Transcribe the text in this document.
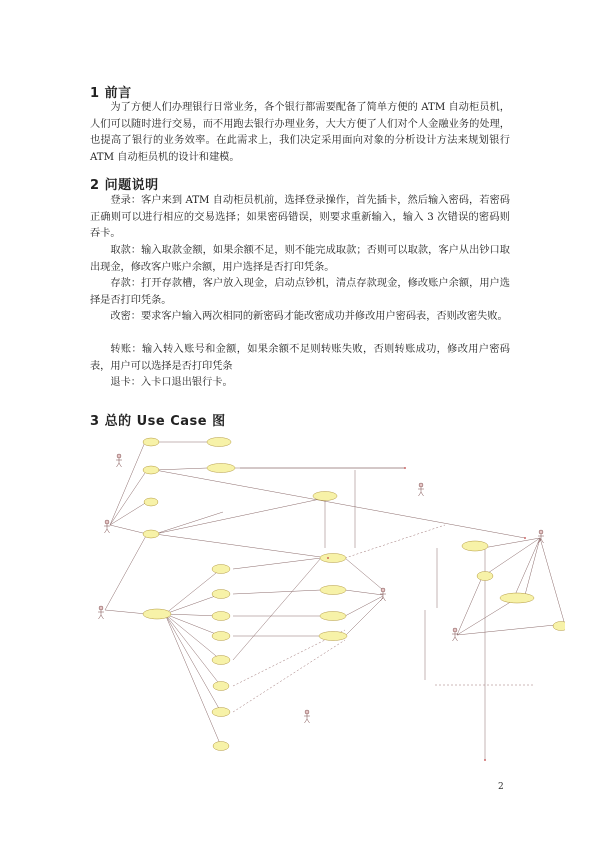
1 前言

为了方便人们办理银行日常业务，各个银行都需要配备了简单方便的 ATM 自动柜员机，人们可以随时进行交易，而不用跑去银行办理业务，大大方便了人们对个人金融业务的处理，也提高了银行的业务效率。在此需求上，我们决定采用面向对象的分析设计方法来规划银行 ATM 自动柜员机的设计和建模。

2 问题说明

登录：客户来到 ATM 自动柜员机前，选择登录操作，首先插卡，然后输入密码，若密码正确则可以进行相应的交易选择；如果密码错误，则要求重新输入，输入 3 次错误的密码则吞卡。

取款：输入取款金额，如果余额不足，则不能完成取款；否则可以取款，客户从出钞口取出现金，修改客户账户余额，用户选择是否打印凭条。

存款：打开存款槽，客户放入现金，启动点钞机，清点存款现金，修改账户余额，用户选择是否打印凭条。

改密：要求客户输入两次相同的新密码才能改密成功并修改用户密码表，否则改密失败。

转账：输入转入账号和金额，如果余额不足则转账失败，否则转账成功，修改用户密码表，用户可以选择是否打印凭条

退卡：入卡口退出银行卡。

3 总的 Use Case 图
2
